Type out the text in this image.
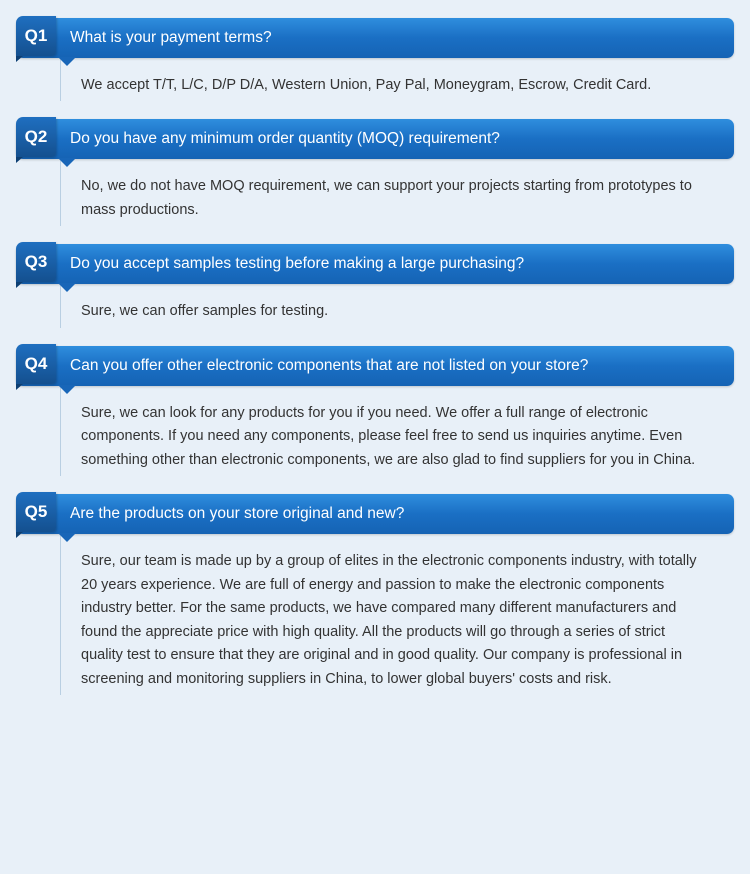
Q1	What is your payment terms?
We accept T/T, L/C, D/P D/A, Western Union, Pay Pal, Moneygram, Escrow, Credit Card.
Q2	Do you have any minimum order quantity (MOQ) requirement?
No, we do not have MOQ requirement, we can support your projects starting from prototypes to mass productions.
Q3	Do you accept samples testing before making a large purchasing?
Sure, we can offer samples for testing.
Q4	Can you offer other electronic components that are not listed on your store?
Sure, we can look for any products for you if you need. We offer a full range of electronic components. If you need any components, please feel free to send us inquiries anytime. Even something other than electronic components, we are also glad to find suppliers for you in China.
Q5	Are the products on your store original and new?
Sure, our team is made up by a group of elites in the electronic components industry, with totally 20 years experience. We are full of energy and passion to make the electronic components industry better. For the same products, we have compared many different manufacturers and found the appreciate price with high quality. All the products will go through a series of strict quality test to ensure that they are original and in good quality. Our company is professional in screening and monitoring suppliers in China, to lower global buyers' costs and risk.
